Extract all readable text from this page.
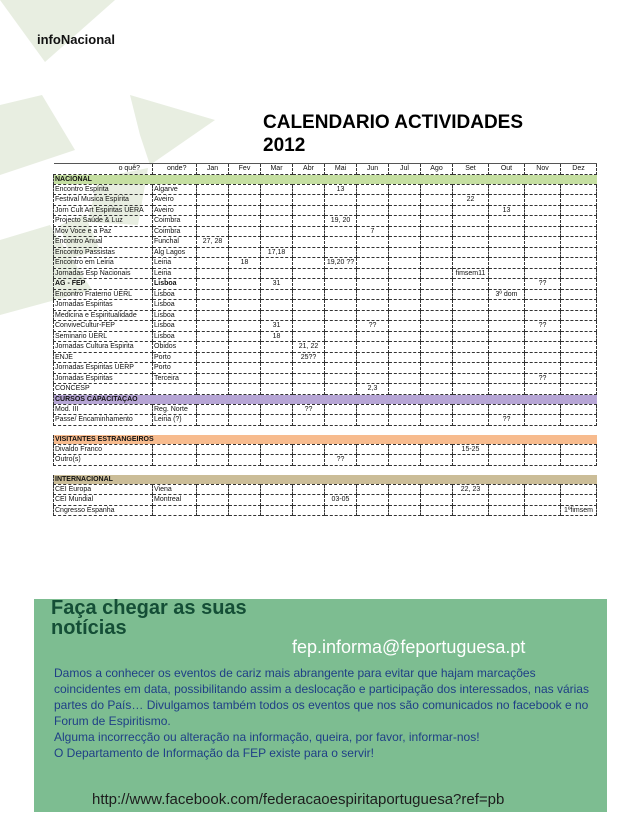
infoNacional
CALENDARIO ACTIVIDADES
2012
o quê?	onde?	Jan	Fev	Mar	Abr	Mai	Jun	Jul	Ago	Set	Out	Nov	Dez
NACIONAL													
Encontro Espírita	Algarve					13							
Festival Musica Espírita	Aveiro									22			
Jorn Cult Art Espiritas UERA	Aveiro										13		
Projecto Saúde & Luz	Coimbra					19, 20							
Mov Voce e a Paz	Coimbra						7						
Encontro Anual	Funchal	27, 28											
Encontro Passistas	Alg Lagos			17,18									
Encontro em Leiria	Leiria		18			19,20 ??							
Jornadas Esp Nacionais	Leiria									fimsem11			
AG - FEP	Lisboa			31								??	
Encontro Fraterno UERL	Lisboa										3º dom		
Jornadas Espiritas	Lisboa												
Medicina e Espiritualidade	Lisboa												
ConviveCultur-FEP	Lisboa			31			??					??	
Seminario UERL	Lisboa			18									
Jornadas Cultura Espirita	Obidos				21, 22								
ENJE	Porto				25??								
Jornadas Espiritas UERP	Porto												
Jornadas Espiritas	Terceira											??	
CONCESP							2,3						
CURSOS CAPACITAÇAO													
Mod. III	Reg. Norte				??								
Passe/ Encaminhamento	Leiria (?)										??		

VISITANTES ESTRANGEIROS													
Divaldo Franco										15-25			
Outro(s)						??							

INTERNACIONAL													
CEI Europa	Viena									22, 23			
CEI Mundial	Montreal					03-05							
Cngresso Espanha													1ºfimsem
Faça chegar as suas
notícias
fep.informa@feportuguesa.pt

Damos a conhecer os eventos de cariz mais abrangente para evitar que hajam marcações coincidentes em data, possibilitando assim a deslocação e participação dos interessados, nas várias partes do País… Divulgamos também todos os eventos que nos são comunicados no facebook e no Forum de Espiritismo.

Alguma incorrecção ou alteração na informação, queira, por favor, informar-nos!

O Departamento de Informação da FEP existe para o servir!

http://www.facebook.com/federacaoespiritaportuguesa?ref=pb
